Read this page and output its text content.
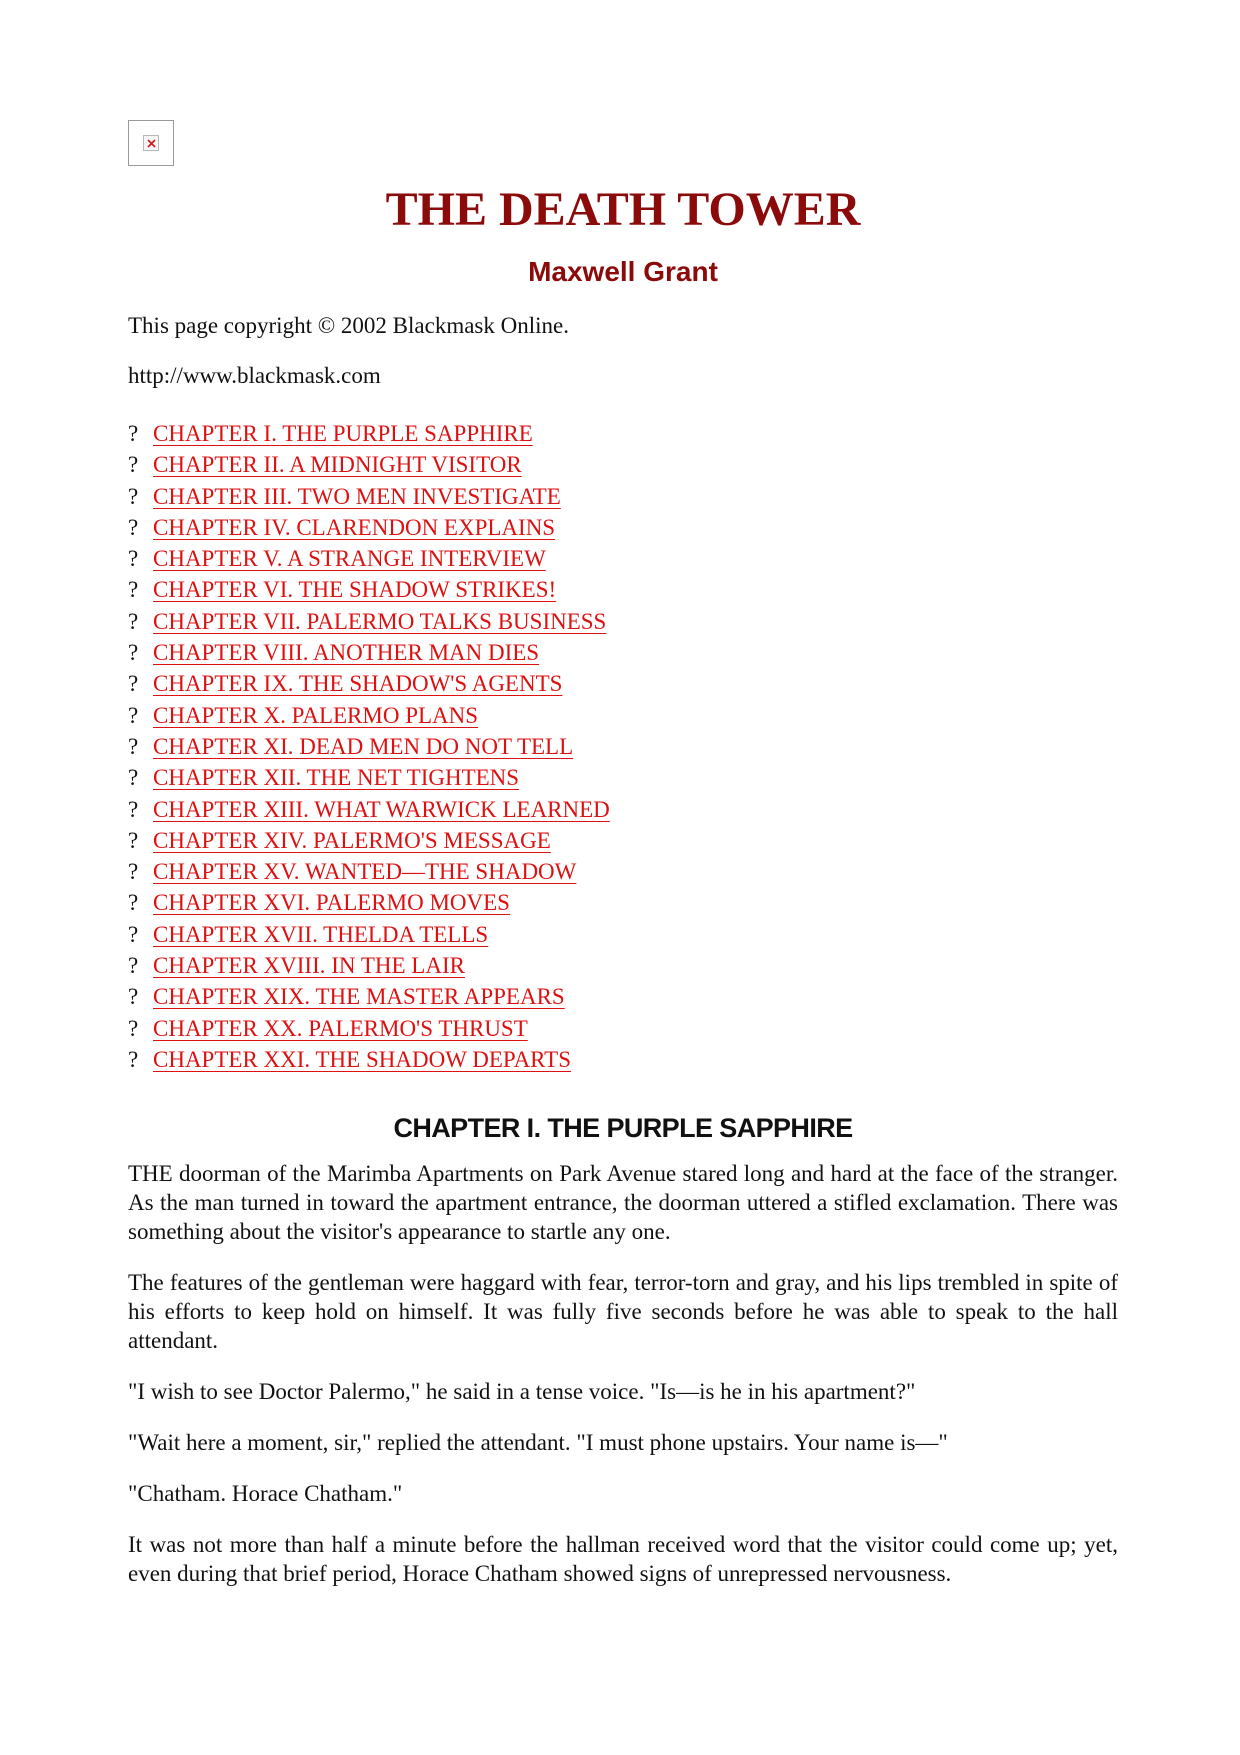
THE DEATH TOWER
Maxwell Grant

This page copyright © 2002 Blackmask Online.

http://www.blackmask.com

? CHAPTER I. THE PURPLE SAPPHIRE
? CHAPTER II. A MIDNIGHT VISITOR
? CHAPTER III. TWO MEN INVESTIGATE
? CHAPTER IV. CLARENDON EXPLAINS
? CHAPTER V. A STRANGE INTERVIEW
? CHAPTER VI. THE SHADOW STRIKES!
? CHAPTER VII. PALERMO TALKS BUSINESS
? CHAPTER VIII. ANOTHER MAN DIES
? CHAPTER IX. THE SHADOW'S AGENTS
? CHAPTER X. PALERMO PLANS
? CHAPTER XI. DEAD MEN DO NOT TELL
? CHAPTER XII. THE NET TIGHTENS
? CHAPTER XIII. WHAT WARWICK LEARNED
? CHAPTER XIV. PALERMO'S MESSAGE
? CHAPTER XV. WANTED—THE SHADOW
? CHAPTER XVI. PALERMO MOVES
? CHAPTER XVII. THELDA TELLS
? CHAPTER XVIII. IN THE LAIR
? CHAPTER XIX. THE MASTER APPEARS
? CHAPTER XX. PALERMO'S THRUST
? CHAPTER XXI. THE SHADOW DEPARTS
CHAPTER I. THE PURPLE SAPPHIRE

THE doorman of the Marimba Apartments on Park Avenue stared long and hard at the face of the stranger. As the man turned in toward the apartment entrance, the doorman uttered a stifled exclamation. There was something about the visitor's appearance to startle any one.

The features of the gentleman were haggard with fear, terror-torn and gray, and his lips trembled in spite of his efforts to keep hold on himself. It was fully five seconds before he was able to speak to the hall attendant.

"I wish to see Doctor Palermo," he said in a tense voice. "Is—is he in his apartment?"

"Wait here a moment, sir," replied the attendant. "I must phone upstairs. Your name is—"

"Chatham. Horace Chatham."

It was not more than half a minute before the hallman received word that the visitor could come up; yet, even during that brief period, Horace Chatham showed signs of unrepressed nervousness.
